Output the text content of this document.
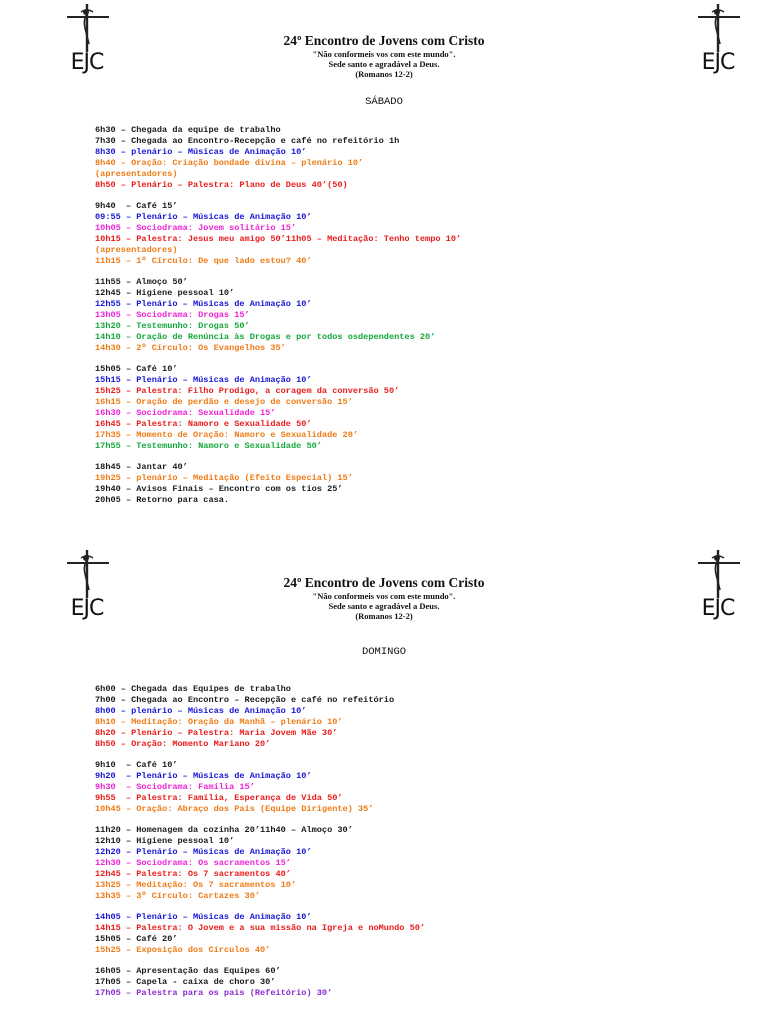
EJC	EJC
24º Encontro de Jovens com Cristo
"Não conformeis vos com este mundo".
Sede santo e agradável a Deus.
(Romanos 12-2)
SÁBADO
6h30 – Chegada da equipe de trabalho
7h30 – Chegada ao Encontro-Recepção e café no refeitório 1h
8h30 – plenário – Músicas de Animação 10’
8h40 – Oração: Criação bondade divina – plenário 10’
(apresentadores)
8h50 – Plenário – Palestra: Plano de Deus 40’(50)
9h40  – Café 15’
09:55 – Plenário – Músicas de Animação 10’
10h05 – Sociodrama: Jovem solitário 15’
10h15 – Palestra: Jesus meu amigo 50’11h05 – Meditação: Tenho tempo 10’
(apresentadores)
11h15 – 1º Círculo: De que lado estou? 40’
11h55 – Almoço 50’
12h45 – Higiene pessoal 10’
12h55 – Plenário – Músicas de Animação 10’
13h05 – Sociodrama: Drogas 15’
13h20 – Testemunho: Drogas 50’
14h10 – Oração de Renúncia às Drogas e por todos osdependentes 20’
14h30 – 2º Círculo: Os Evangelhos 35’
15h05 – Café 10’
15h15 – Plenário – Músicas de Animação 10’
15h25 – Palestra: Filho Prodigo, a coragem da conversão 50’
16h15 – Oração de perdão e desejo de conversão 15’
16h30 – Sociodrama: Sexualidade 15’
16h45 – Palestra: Namoro e Sexualidade 50’
17h35 – Momento de Oração: Namoro e Sexualidade 20’
17h55 – Testemunho: Namoro e Sexualidade 50’
18h45 – Jantar 40’
19h25 – plenário – Meditação (Efeito Especial) 15’
19h40 – Avisos Finais – Encontro com os tios 25’
20h05 – Retorno para casa.
EJC	EJC
24º Encontro de Jovens com Cristo
"Não conformeis vos com este mundo".
Sede santo e agradável a Deus.
(Romanos 12-2)
DOMINGO
6h00 – Chegada das Equipes de trabalho
7h00 – Chegada ao Encontro – Recepção e café no refeitório
8h00 – plenário – Músicas de Animação 10’
8h10 – Meditação: Oração da Manhã – plenário 10’
8h20 – Plenário – Palestra: Maria Jovem Mãe 30’
8h50 – Oração: Momento Mariano 20’
9h10  – Café 10’
9h20  – Plenário – Músicas de Animação 10’
9h30  – Sociodrama: Família 15’
9h55  – Palestra: Família, Esperança de Vida 50’
10h45 – Oração: Abraço dos Pais (Equipe Dirigente) 35’
11h20 – Homenagem da cozinha 20’11h40 – Almoço 30’
12h10 – Higiene pessoal 10’
12h20 – Plenário – Músicas de Animação 10’
12h30 – Sociodrama: Os sacramentos 15’
12h45 – Palestra: Os 7 sacramentos 40’
13h25 – Meditação: Os 7 sacramentos 10’
13h35 – 3º Círculo: Cartazes 30’
14h05 – Plenário – Músicas de Animação 10’
14h15 – Palestra: O Jovem e a sua missão na Igreja e noMundo 50’
15h05 – Café 20’
15h25 – Exposição dos Círculos 40’
16h05 – Apresentação das Equipes 60’
17h05 – Capela - caixa de choro 30’
17h05 – Palestra para os pais (Refeitório) 30’
